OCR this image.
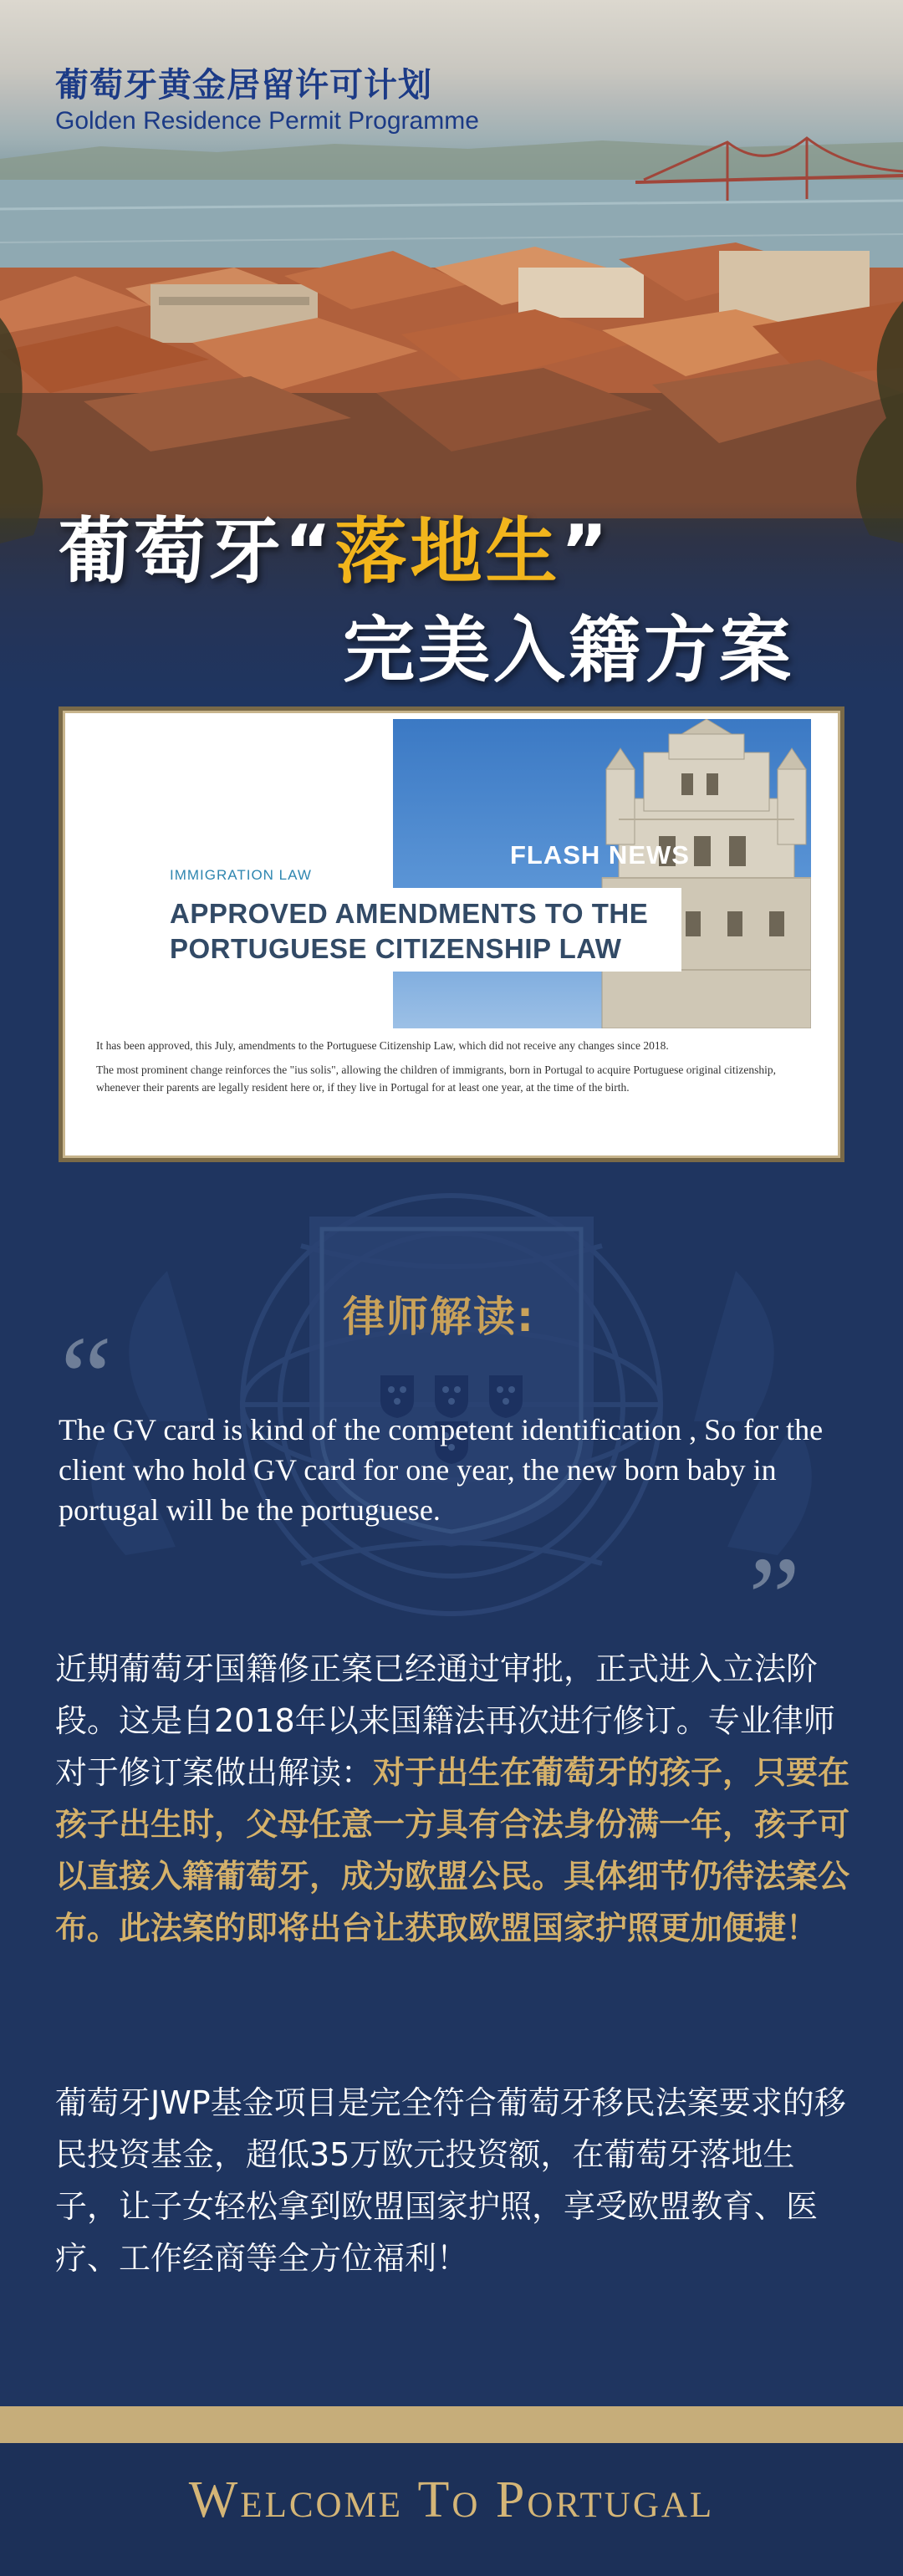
葡萄牙黄金居留许可计划
Golden Residence Permit Programme
葡萄牙“落地生”
完美入籍方案
FLASH NEWS
IMMIGRATION LAW
APPROVED AMENDMENTS TO THE
PORTUGUESE CITIZENSHIP LAW

It has been approved, this July, amendments to the Portuguese Citizenship Law, which did not receive any changes since 2018.

The most prominent change reinforces the "ius solis", allowing the children of immigrants, born in Portugal to acquire Portuguese original citizenship, whenever their parents are legally resident here or, if they live in Portugal for at least one year, at the time of the birth.

律师解读:
“
The GV card is kind of the competent identification , So for the client who hold GV card for one year, the new born baby in portugal will be the portuguese.
”
近期葡萄牙国籍修正案已经通过审批，正式进入立法阶段。这是自2018年以来国籍法再次进行修订。专业律师对于修订案做出解读：对于出生在葡萄牙的孩子，只要在孩子出生时，父母任意一方具有合法身份满一年，孩子可以直接入籍葡萄牙，成为欧盟公民。具体细节仍待法案公布。此法案的即将出台让获取欧盟国家护照更加便捷！
葡萄牙JWP基金项目是完全符合葡萄牙移民法案要求的移民投资基金，超低35万欧元投资额，在葡萄牙落地生子，让子女轻松拿到欧盟国家护照，享受欧盟教育、医疗、工作经商等全方位福利！
Welcome To Portugal
